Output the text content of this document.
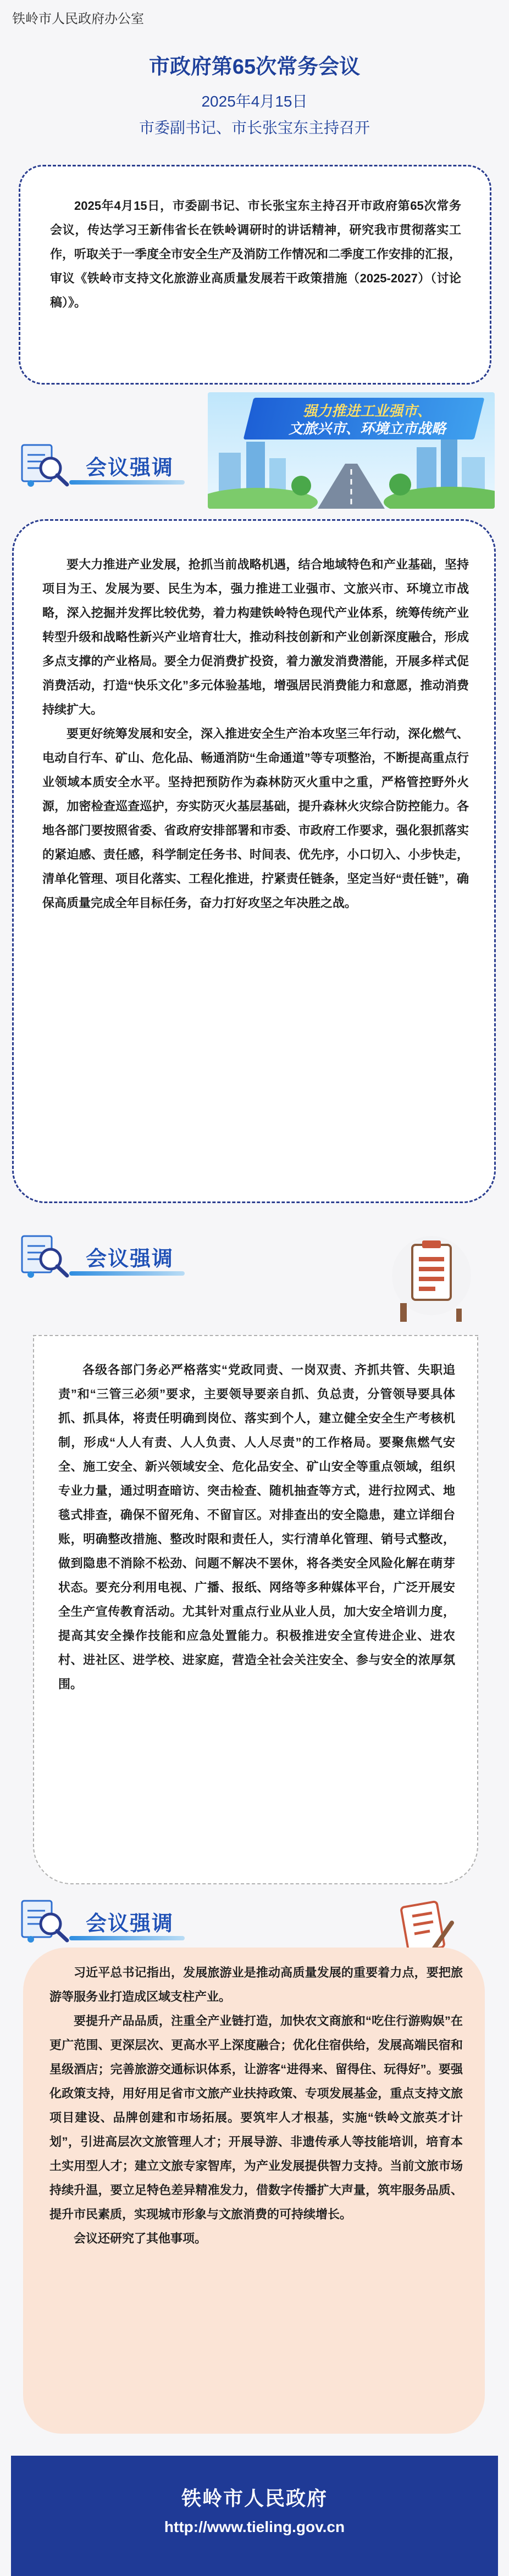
铁岭市人民政府办公室
市政府第65次常务会议
2025年4月15日
市委副书记、市长张宝东主持召开

2025年4月15日，市委副书记、市长张宝东主持召开市政府第65次常务会议，传达学习王新伟省长在铁岭调研时的讲话精神，研究我市贯彻落实工作，听取关于一季度全市安全生产及消防工作情况和二季度工作安排的汇报，审议《铁岭市支持文化旅游业高质量发展若干政策措施（2025-2027）（讨论稿）》。

会议强调
强力推进工业强市、
文旅兴市、环境立市战略

要大力推进产业发展，抢抓当前战略机遇，结合地域特色和产业基础，坚持项目为王、发展为要、民生为本，强力推进工业强市、文旅兴市、环境立市战略，深入挖掘并发挥比较优势，着力构建铁岭特色现代产业体系，统筹传统产业转型升级和战略性新兴产业培育壮大，推动科技创新和产业创新深度融合，形成多点支撑的产业格局。要全力促消费扩投资，着力激发消费潜能，开展多样式促消费活动，打造“快乐文化”多元体验基地，增强居民消费能力和意愿，推动消费持续扩大。

要更好统筹发展和安全，深入推进安全生产治本攻坚三年行动，深化燃气、电动自行车、矿山、危化品、畅通消防“生命通道”等专项整治，不断提高重点行业领域本质安全水平。坚持把预防作为森林防灭火重中之重，严格管控野外火源，加密检查巡查巡护，夯实防灭火基层基础，提升森林火灾综合防控能力。各地各部门要按照省委、省政府安排部署和市委、市政府工作要求，强化狠抓落实的紧迫感、责任感，科学制定任务书、时间表、优先序，小口切入、小步快走，清单化管理、项目化落实、工程化推进，拧紧责任链条，坚定当好“责任链”，确保高质量完成全年目标任务，奋力打好攻坚之年决胜之战。

会议强调

各级各部门务必严格落实“党政同责、一岗双责、齐抓共管、失职追责”和“三管三必须”要求，主要领导要亲自抓、负总责，分管领导要具体抓、抓具体，将责任明确到岗位、落实到个人，建立健全安全生产考核机制，形成“人人有责、人人负责、人人尽责”的工作格局。要聚焦燃气安全、施工安全、新兴领域安全、危化品安全、矿山安全等重点领域，组织专业力量，通过明查暗访、突击检查、随机抽查等方式，进行拉网式、地毯式排查，确保不留死角、不留盲区。对排查出的安全隐患，建立详细台账，明确整改措施、整改时限和责任人，实行清单化管理、销号式整改，做到隐患不消除不松劲、问题不解决不罢休，将各类安全风险化解在萌芽状态。要充分利用电视、广播、报纸、网络等多种媒体平台，广泛开展安全生产宣传教育活动。尤其针对重点行业从业人员，加大安全培训力度，提高其安全操作技能和应急处置能力。积极推进安全宣传进企业、进农村、进社区、进学校、进家庭，营造全社会关注安全、参与安全的浓厚氛围。

会议强调

习近平总书记指出，发展旅游业是推动高质量发展的重要着力点，要把旅游等服务业打造成区域支柱产业。

要提升产品品质，注重全产业链打造，加快农文商旅和“吃住行游购娱”在更广范围、更深层次、更高水平上深度融合；优化住宿供给，发展高端民宿和星级酒店；完善旅游交通标识体系，让游客“进得来、留得住、玩得好”。要强化政策支持，用好用足省市文旅产业扶持政策、专项发展基金，重点支持文旅项目建设、品牌创建和市场拓展。要筑牢人才根基，实施“铁岭文旅英才计划”，引进高层次文旅管理人才；开展导游、非遗传承人等技能培训，培育本土实用型人才；建立文旅专家智库，为产业发展提供智力支持。当前文旅市场持续升温，要立足特色差异精准发力，借数字传播扩大声量，筑牢服务品质、提升市民素质，实现城市形象与文旅消费的可持续增长。

会议还研究了其他事项。

铁岭市人民政府
http://www.tieling.gov.cn
